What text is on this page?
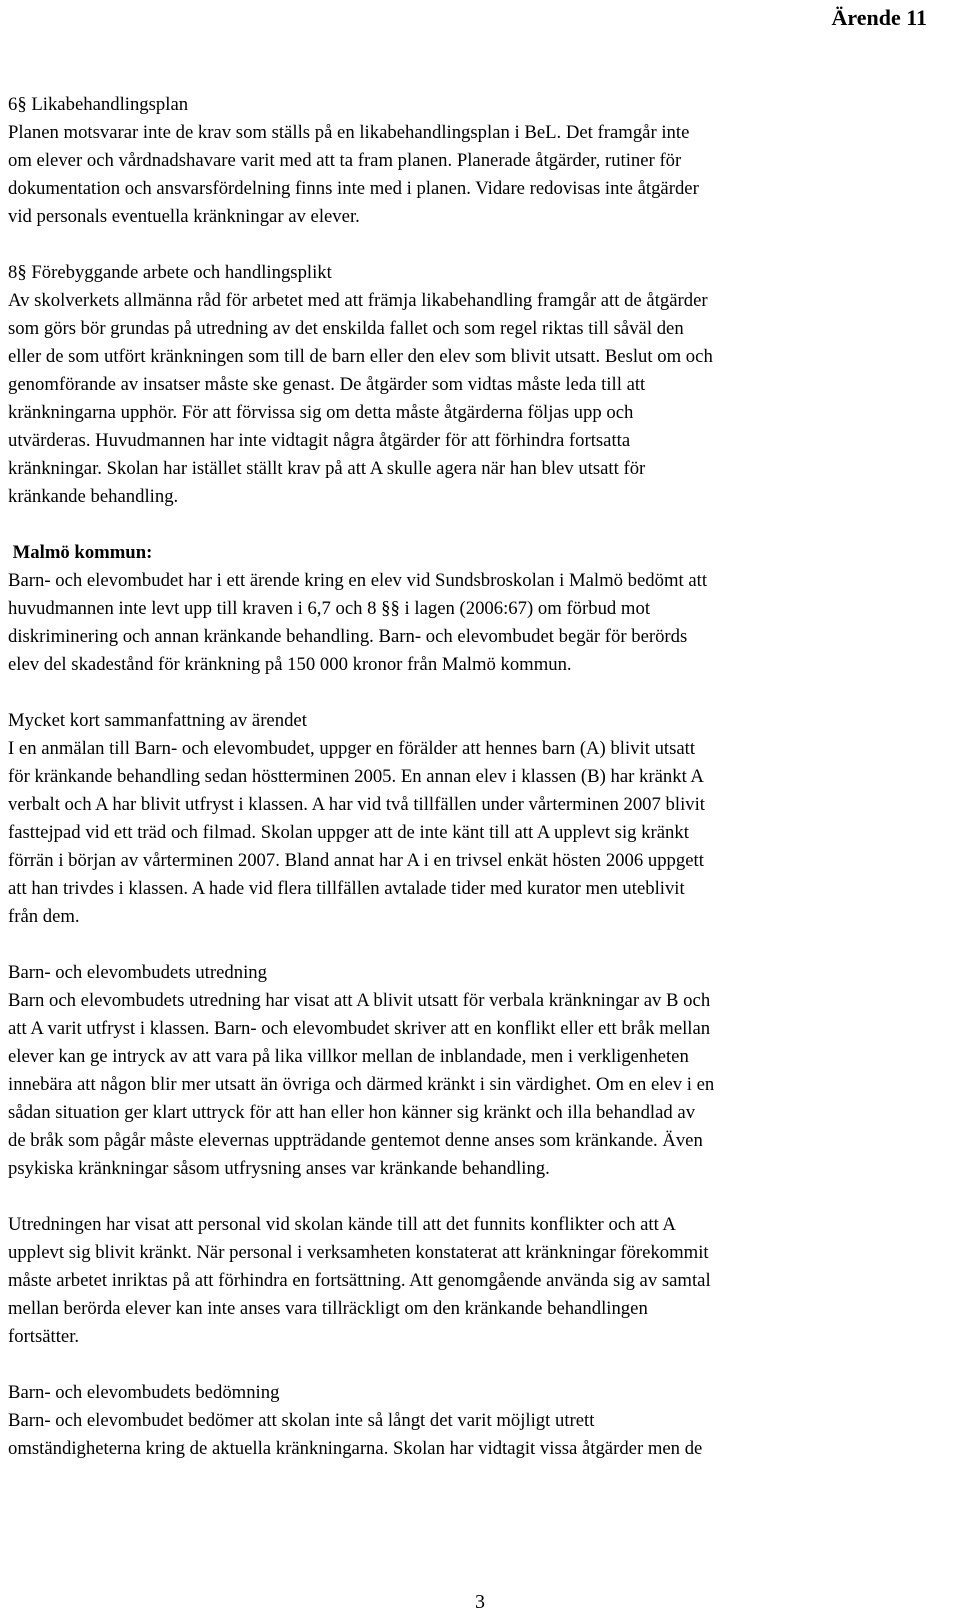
Ärende 11
6§ Likabehandlingsplan
Planen motsvarar inte de krav som ställs på en likabehandlingsplan i BeL. Det framgår inte
om elever och vårdnadshavare varit med att ta fram planen. Planerade åtgärder, rutiner för
dokumentation och ansvarsfördelning finns inte med i planen. Vidare redovisas inte åtgärder
vid personals eventuella kränkningar av elever.
8§ Förebyggande arbete och handlingsplikt
Av skolverkets allmänna råd för arbetet med att främja likabehandling framgår att de åtgärder
som görs bör grundas på utredning av det enskilda fallet och som regel riktas till såväl den
eller de som utfört kränkningen som till de barn eller den elev som blivit utsatt. Beslut om och
genomförande av insatser måste ske genast. De åtgärder som vidtas måste leda till att
kränkningarna upphör. För att förvissa sig om detta måste åtgärderna följas upp och
utvärderas. Huvudmannen har inte vidtagit några åtgärder för att förhindra fortsatta
kränkningar. Skolan har istället ställt krav på att A skulle agera när han blev utsatt för
kränkande behandling.
Malmö kommun:
Barn- och elevombudet har i ett ärende kring en elev vid Sundsbroskolan i Malmö bedömt att
huvudmannen inte levt upp till kraven i 6,7 och 8 §§ i lagen (2006:67) om förbud mot
diskriminering och annan kränkande behandling. Barn- och elevombudet begär för berörds
elev del skadestånd för kränkning på 150 000 kronor från Malmö kommun.
Mycket kort sammanfattning av ärendet
I en anmälan till Barn- och elevombudet, uppger en förälder att hennes barn (A) blivit utsatt
för kränkande behandling sedan höstterminen 2005. En annan elev i klassen (B) har kränkt A
verbalt och A har blivit utfryst i klassen. A har vid två tillfällen under vårterminen 2007 blivit
fasttejpad vid ett träd och filmad. Skolan uppger att de inte känt till att A upplevt sig kränkt
förrän i början av vårterminen 2007. Bland annat har A i en trivsel enkät hösten 2006 uppgett
att han trivdes i klassen. A hade vid flera tillfällen avtalade tider med kurator men uteblivit
från dem.
Barn- och elevombudets utredning
Barn och elevombudets utredning har visat att A blivit utsatt för verbala kränkningar av B och
att A varit utfryst i klassen. Barn- och elevombudet skriver att en konflikt eller ett bråk mellan
elever kan ge intryck av att vara på lika villkor mellan de inblandade, men i verkligenheten
innebära att någon blir mer utsatt än övriga och därmed kränkt i sin värdighet. Om en elev i en
sådan situation ger klart uttryck för att han eller hon känner sig kränkt och illa behandlad av
de bråk som pågår måste elevernas uppträdande gentemot denne anses som kränkande. Även
psykiska kränkningar såsom utfrysning anses var kränkande behandling.
Utredningen har visat att personal vid skolan kände till att det funnits konflikter och att A
upplevt sig blivit kränkt. När personal i verksamheten konstaterat att kränkningar förekommit
måste arbetet inriktas på att förhindra en fortsättning. Att genomgående använda sig av samtal
mellan berörda elever kan inte anses vara tillräckligt om den kränkande behandlingen
fortsätter.
Barn- och elevombudets bedömning
Barn- och elevombudet bedömer att skolan inte så långt det varit möjligt utrett
omständigheterna kring de aktuella kränkningarna. Skolan har vidtagit vissa åtgärder men de
3
